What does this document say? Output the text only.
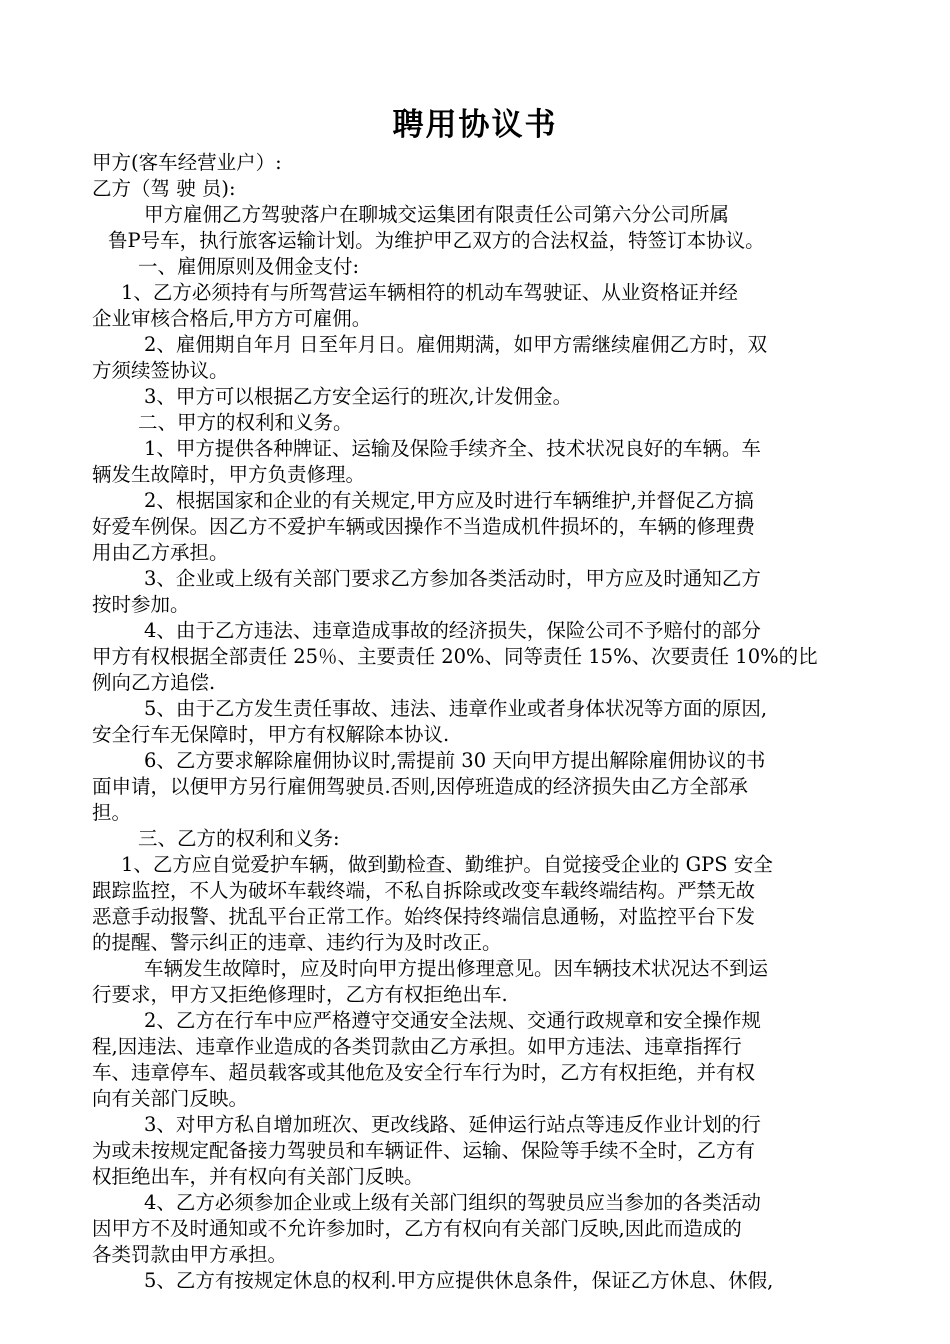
聘用协议书
甲方(客车经营业户）:
乙方（驾 驶 员):
甲方雇佣乙方驾驶落户在聊城交运集团有限责任公司第六分公司所属
鲁P号车，执行旅客运输计划。为维护甲乙双方的合法权益，特签订本协议。
一、雇佣原则及佣金支付:
1、乙方必须持有与所驾营运车辆相符的机动车驾驶证、从业资格证并经
企业审核合格后,甲方方可雇佣。
2、雇佣期自年月 日至年月日。雇佣期满，如甲方需继续雇佣乙方时，双
方须续签协议。
3、甲方可以根据乙方安全运行的班次,计发佣金。
二、甲方的权利和义务。
1、甲方提供各种牌证、运输及保险手续齐全、技术状况良好的车辆。车
辆发生故障时，甲方负责修理。
2、根据国家和企业的有关规定,甲方应及时进行车辆维护,并督促乙方搞
好爱车例保。因乙方不爱护车辆或因操作不当造成机件损坏的，车辆的修理费
用由乙方承担。
3、企业或上级有关部门要求乙方参加各类活动时，甲方应及时通知乙方
按时参加。
4、由于乙方违法、违章造成事故的经济损失，保险公司不予赔付的部分
甲方有权根据全部责任 25％、主要责任 20%、同等责任 15%、次要责任 10%的比
例向乙方追偿.
5、由于乙方发生责任事故、违法、违章作业或者身体状况等方面的原因,
安全行车无保障时，甲方有权解除本协议.
6、乙方要求解除雇佣协议时,需提前 30 天向甲方提出解除雇佣协议的书
面申请，以便甲方另行雇佣驾驶员.否则,因停班造成的经济损失由乙方全部承
担。
三、乙方的权利和义务:
1、乙方应自觉爱护车辆，做到勤检查、勤维护。自觉接受企业的 GPS 安全
跟踪监控，不人为破坏车载终端，不私自拆除或改变车载终端结构。严禁无故
恶意手动报警、扰乱平台正常工作。始终保持终端信息通畅，对监控平台下发
的提醒、警示纠正的违章、违约行为及时改正。
车辆发生故障时，应及时向甲方提出修理意见。因车辆技术状况达不到运
行要求，甲方又拒绝修理时，乙方有权拒绝出车.
2、乙方在行车中应严格遵守交通安全法规、交通行政规章和安全操作规
程,因违法、违章作业造成的各类罚款由乙方承担。如甲方违法、违章指挥行
车、违章停车、超员载客或其他危及安全行车行为时，乙方有权拒绝，并有权
向有关部门反映。
3、对甲方私自增加班次、更改线路、延伸运行站点等违反作业计划的行
为或未按规定配备接力驾驶员和车辆证件、运输、保险等手续不全时，乙方有
权拒绝出车，并有权向有关部门反映。
4、乙方必须参加企业或上级有关部门组织的驾驶员应当参加的各类活动
因甲方不及时通知或不允许参加时，乙方有权向有关部门反映,因此而造成的
各类罚款由甲方承担。
5、乙方有按规定休息的权利.甲方应提供休息条件，保证乙方休息、休假,
